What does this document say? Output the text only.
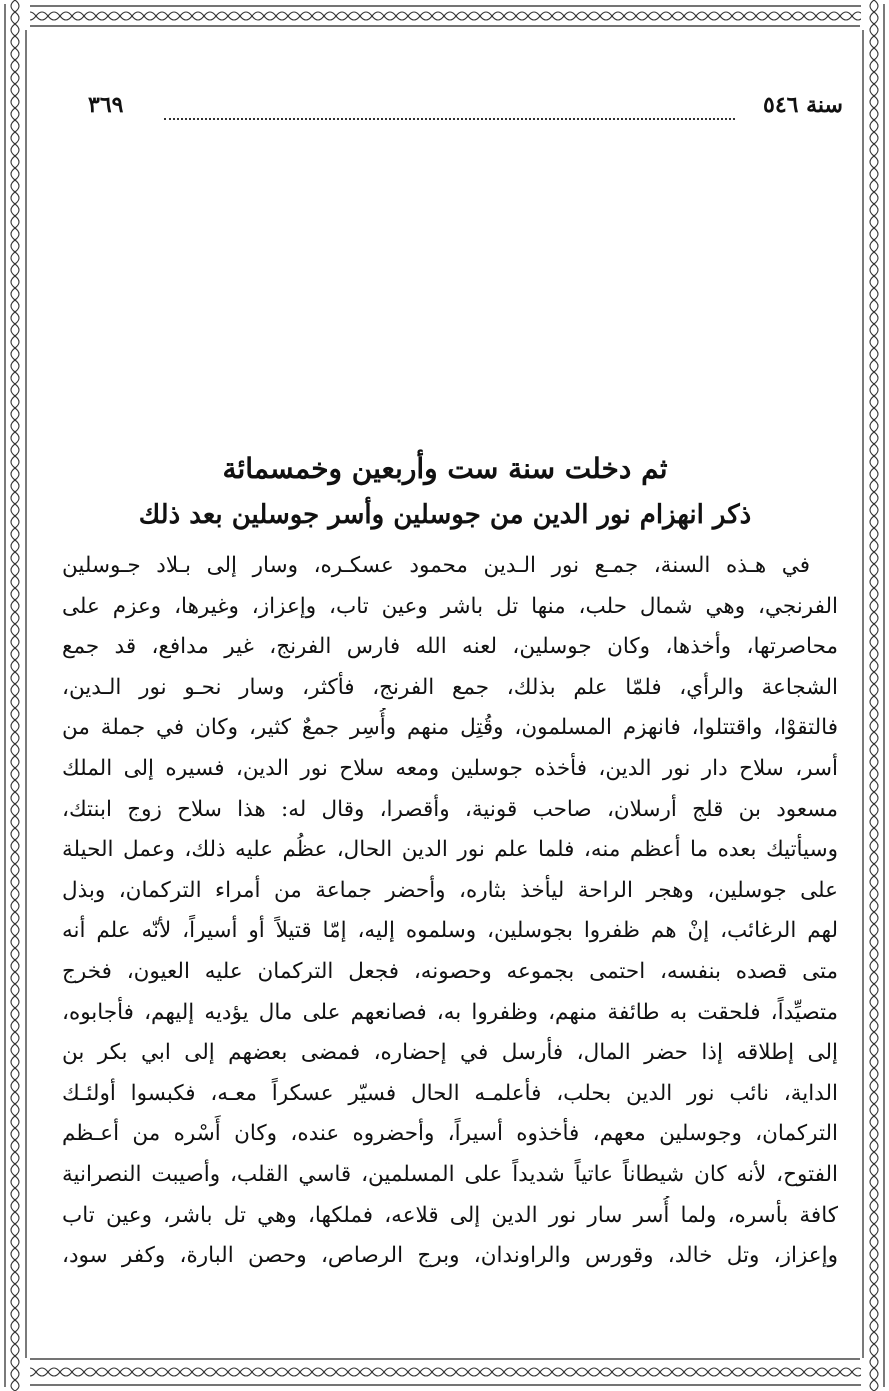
سنة ٥٤٦
٣٦٩
ثم دخلت سنة ست وأربعين وخمسمائة
ذكر انهزام نور الدين من جوسلين وأسر جوسلين بعد ذلك
في هـذه السنة، جمـع نور الـدين محمود عسكـره، وسار إلى بـلاد جـوسلين
الفرنجي، وهي شمال حلب، منها تل باشر وعين تاب، وإعزاز، وغيرها، وعزم على
محاصرتها، وأخذها، وكان جوسلين، لعنه الله فارس الفرنج، غير مدافع، قد جمع
الشجاعة والرأي، فلمّا علم بذلك، جمع الفرنج، فأكثر، وسار نحـو نور الـدين،
فالتقوْا، واقتتلوا، فانهزم المسلمون، وقُتِل منهم وأُسِر جمعٌ كثير، وكان في جملة من
أسر، سلاح دار نور الدين، فأخذه جوسلين ومعه سلاح نور الدين، فسيره إلى الملك
مسعود بن قلج أرسلان، صاحب قونية، وأقصرا، وقال له: هذا سلاح زوج ابنتك،
وسيأتيك بعده ما أعظم منه، فلما علم نور الدين الحال، عظُم عليه ذلك، وعمل الحيلة
على جوسلين، وهجر الراحة ليأخذ بثاره، وأحضر جماعة من أمراء التركمان، وبذل
لهم الرغائب، إنْ هم ظفروا بجوسلين، وسلموه إليه، إمّا قتيلاً أو أسيراً، لأنّه علم أنه
متى قصده بنفسه، احتمى بجموعه وحصونه، فجعل التركمان عليه العيون، فخرج
متصيِّداً، فلحقت به طائفة منهم، وظفروا به، فصانعهم على مال يؤديه إليهم، فأجابوه،
إلى إطلاقه إذا حضر المال، فأرسل في إحضاره، فمضى بعضهم إلى ابي بكر بن
الداية، نائب نور الدين بحلب، فأعلمـه الحال فسيّر عسكراً معـه، فكبسوا أولئـك
التركمان، وجوسلين معهم، فأخذوه أسيراً، وأحضروه عنده، وكان أَسْره من أعـظم
الفتوح، لأنه كان شيطاناً عاتياً شديداً على المسلمين، قاسي القلب، وأصيبت النصرانية
كافة بأسره، ولما أُسر سار نور الدين إلى قلاعه، فملكها، وهي تل باشر، وعين تاب
وإعزاز، وتل خالد، وقورس والراوندان، وبرج الرصاص، وحصن البارة، وكفر سود،
